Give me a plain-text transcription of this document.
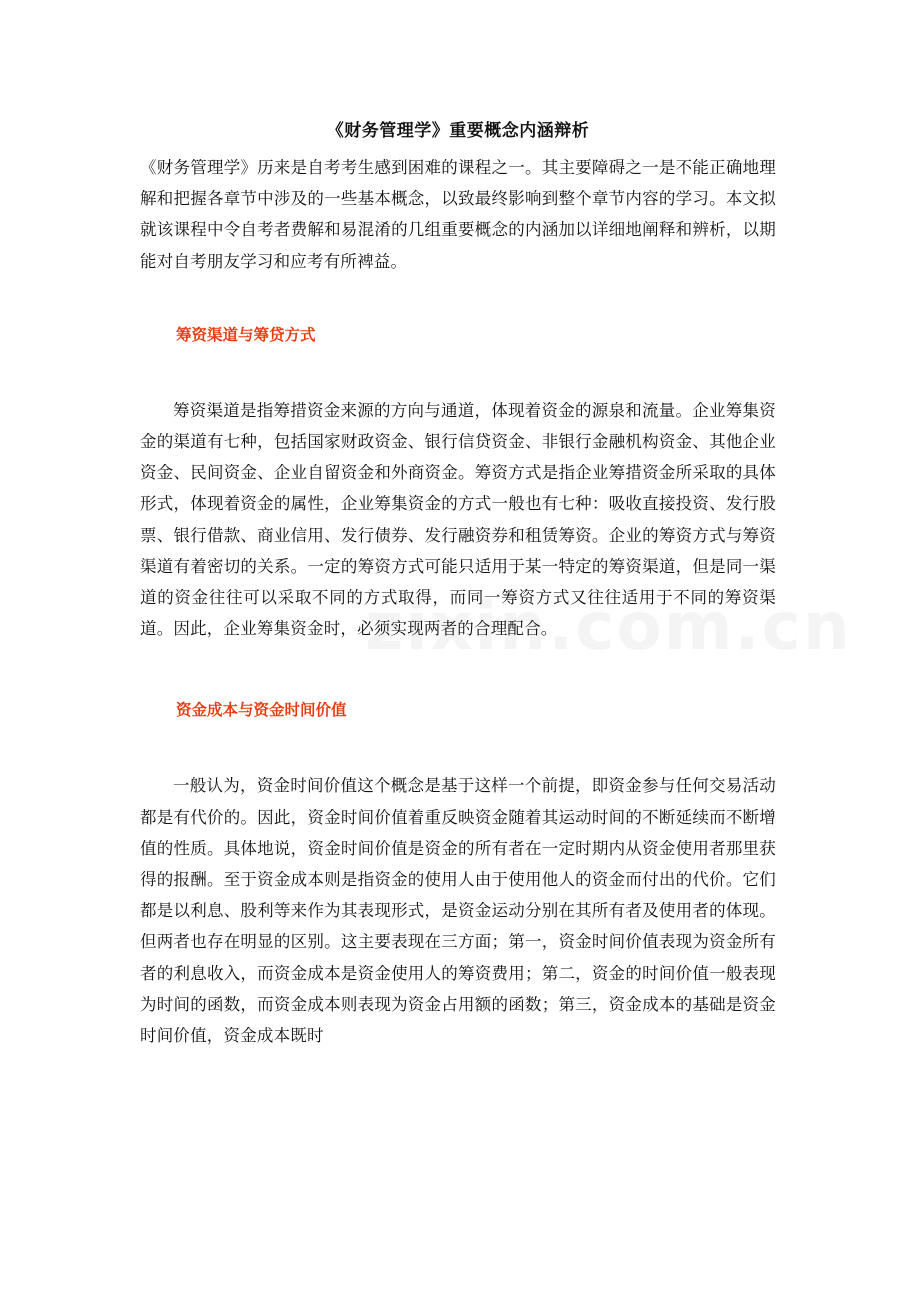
《财务管理学》重要概念内涵辩析

《财务管理学》历来是自考考生感到困难的课程之一。其主要障碍之一是不能正确地理解和把握各章节中涉及的一些基本概念，以致最终影响到整个章节内容的学习。本文拟就该课程中令自考者费解和易混淆的几组重要概念的内涵加以详细地阐释和辨析，以期能对自考朋友学习和应考有所裨益。

筹资渠道与筹贷方式

筹资渠道是指筹措资金来源的方向与通道，体现着资金的源泉和流量。企业筹集资金的渠道有七种，包括国家财政资金、银行信贷资金、非银行金融机构资金、其他企业资金、民间资金、企业自留资金和外商资金。筹资方式是指企业筹措资金所采取的具体形式，体现着资金的属性，企业筹集资金的方式一般也有七种：吸收直接投资、发行股票、银行借款、商业信用、发行债券、发行融资券和租赁筹资。企业的筹资方式与筹资渠道有着密切的关系。一定的筹资方式可能只适用于某一特定的筹资渠道，但是同一渠道的资金往往可以采取不同的方式取得，而同一筹资方式又往往适用于不同的筹资渠道。因此，企业筹集资金时，必须实现两者的合理配合。

资金成本与资金时间价值

一般认为，资金时间价值这个概念是基于这样一个前提，即资金参与任何交易活动都是有代价的。因此，资金时间价值着重反映资金随着其运动时间的不断延续而不断增值的性质。具体地说，资金时间价值是资金的所有者在一定时期内从资金使用者那里获得的报酬。至于资金成本则是指资金的使用人由于使用他人的资金而付出的代价。它们都是以利息、股利等来作为其表现形式，是资金运动分别在其所有者及使用者的体现。但两者也存在明显的区别。这主要表现在三方面；第一，资金时间价值表现为资金所有者的利息收入，而资金成本是资金使用人的筹资费用；第二，资金的时间价值一般表现为时间的函数，而资金成本则表现为资金占用额的函数；第三，资金成本的基础是资金时间价值，资金成本既时
